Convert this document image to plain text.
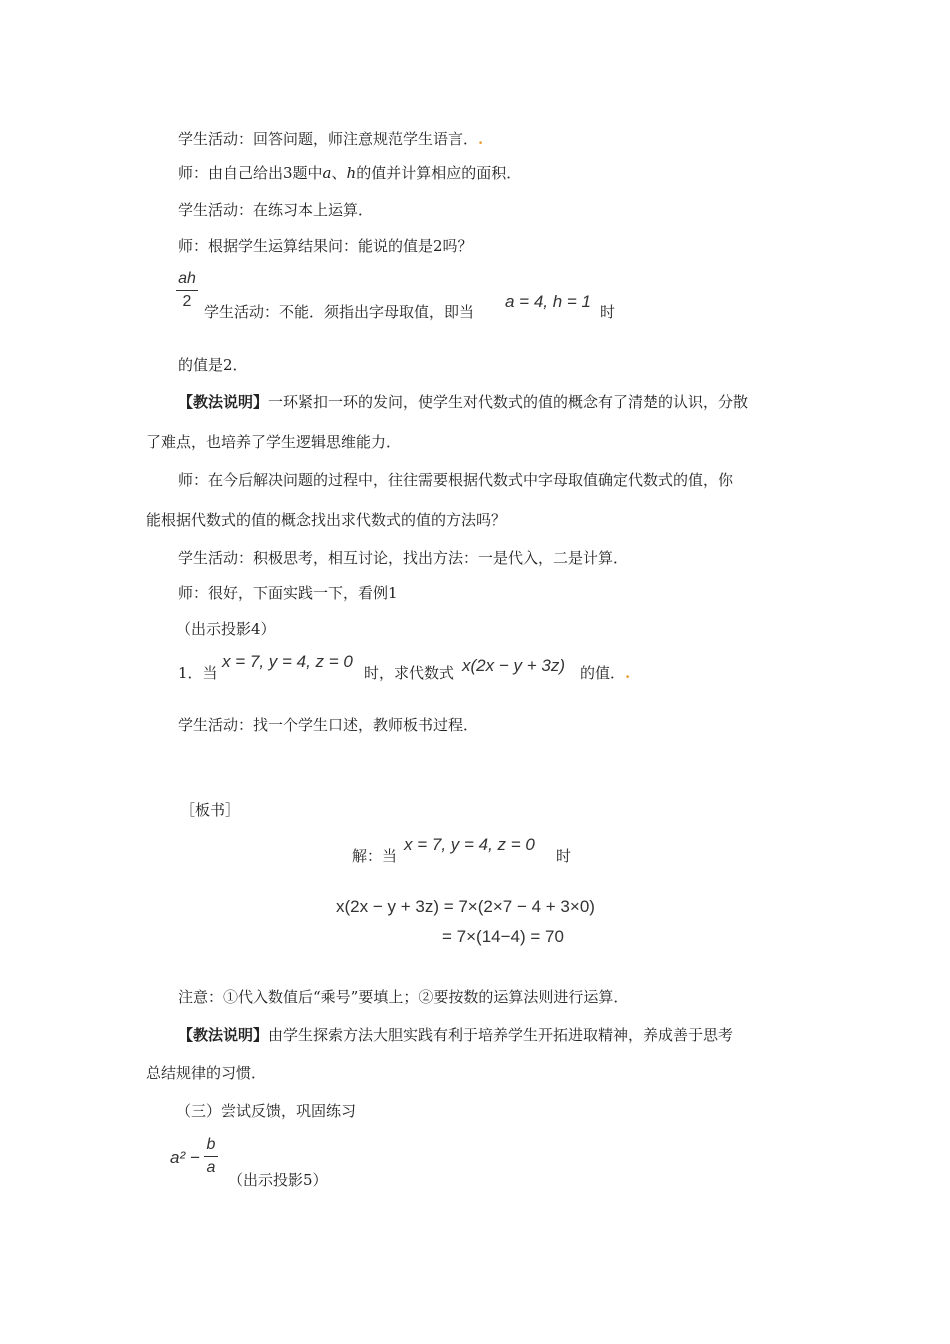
学生活动：回答问题，师注意规范学生语言．.
师：由自己给出3题中a、h的值并计算相应的面积．
学生活动：在练习本上运算．
师：根据学生运算结果问：能说的值是2吗？
ah
2
学生活动：不能．须指出字母取值，即当
a = 4, h = 1
时
的值是2．
【教法说明】一环紧扣一环的发问，使学生对代数式的值的概念有了清楚的认识，分散
了难点，也培养了学生逻辑思维能力．
师：在今后解决问题的过程中，往往需要根据代数式中字母取值确定代数式的值，你
能根据代数式的值的概念找出求代数式的值的方法吗？
学生活动：积极思考，相互讨论，找出方法：一是代入，二是计算．
师：很好，下面实践一下，看例1
（出示投影4）
1．当
x = 7, y = 4, z = 0
时，求代数式 x(2x − y + 3z) 的值．.
学生活动：找一个学生口述，教师板书过程．
［板书］
解：当
x = 7, y = 4, z = 0
时
x(2x − y + 3z) = 7×(2×7 − 4 + 3×0)
= 7×(14−4) = 70
注意：①代入数值后“乘号”要填上；②要按数的运算法则进行运算．
【教法说明】由学生探索方法大胆实践有利于培养学生开拓进取精神，养成善于思考
总结规律的习惯．
（三）尝试反馈，巩固练习
a² −
b
a
（出示投影5）
